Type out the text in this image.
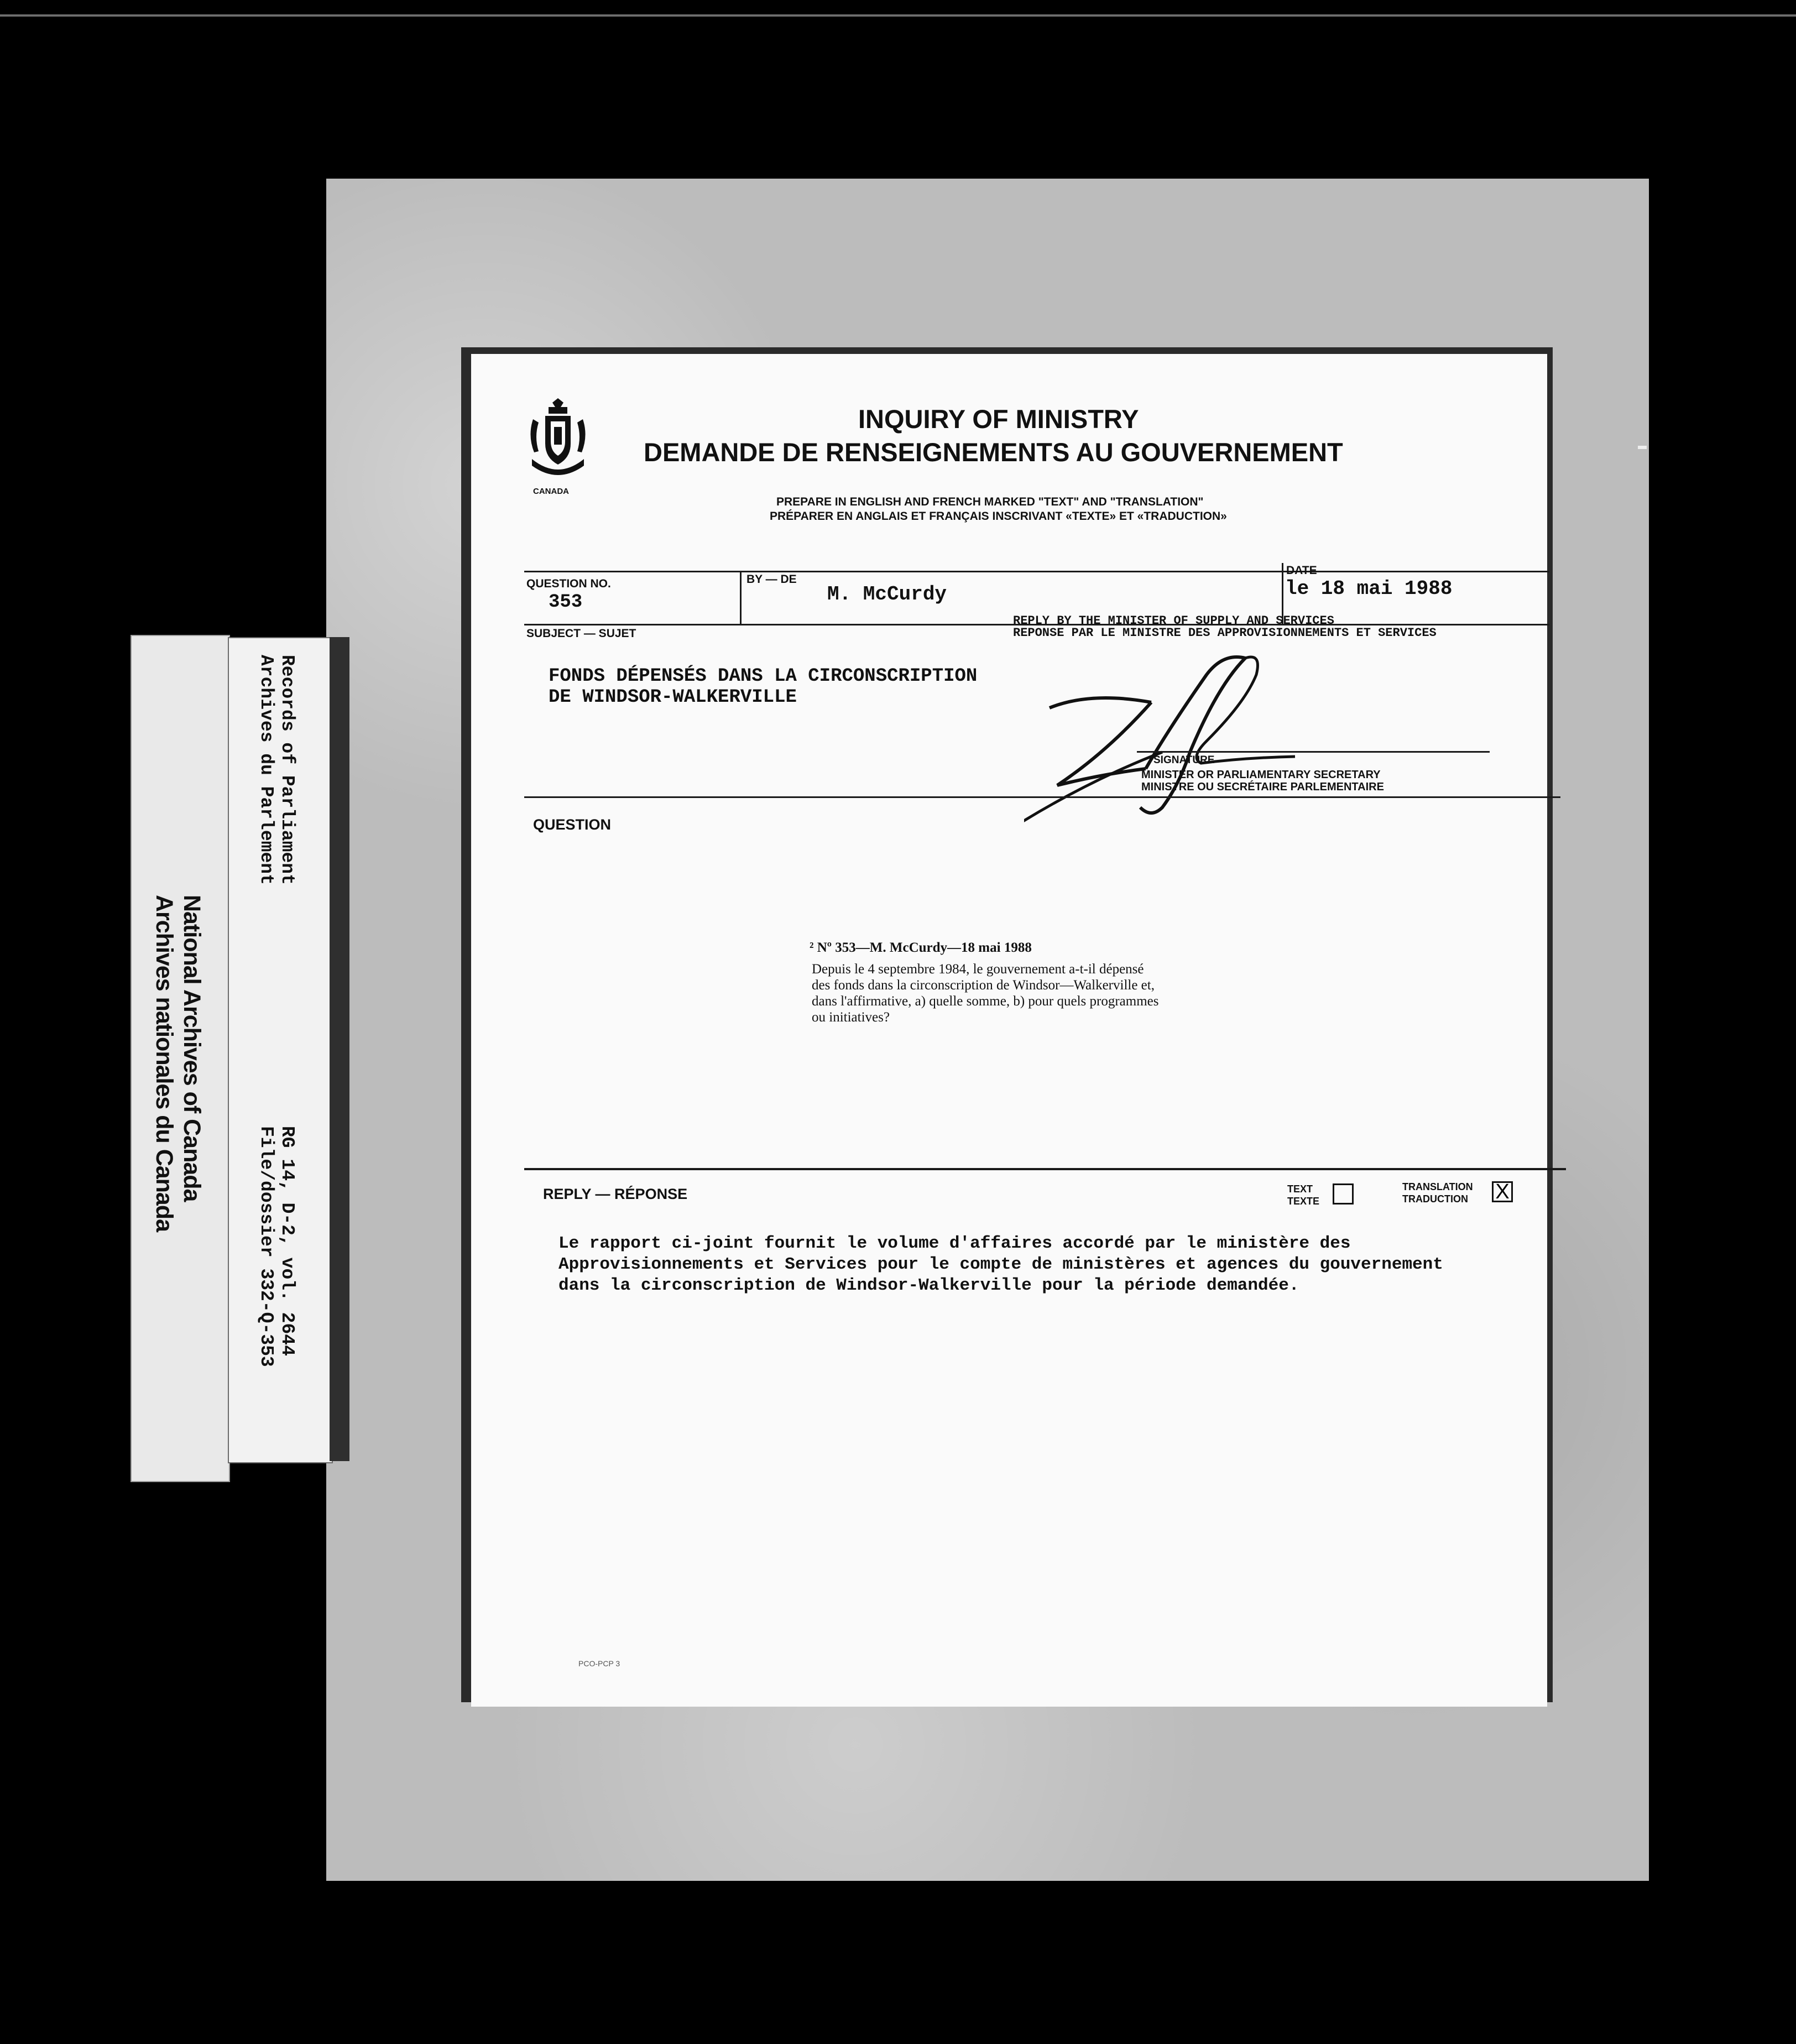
National Archives of Canada
Archives nationales du Canada
Records of Parliament
Archives du Parlement
RG 14, D-2, vol. 2644
File/dossier 332-Q-353
CANADA
INQUIRY OF MINISTRY
DEMANDE DE RENSEIGNEMENTS AU GOUVERNEMENT
PREPARE IN ENGLISH AND FRENCH MARKED "TEXT" AND "TRANSLATION"
PRÉPARER EN ANGLAIS ET FRANÇAIS INSCRIVANT «TEXTE» ET «TRADUCTION»
QUESTION NO.
353
BY — DE
M. McCurdy
DATE
le 18 mai 1988
SUBJECT — SUJET
REPLY BY THE MINISTER OF SUPPLY AND SERVICES
REPONSE PAR LE MINISTRE DES APPROVISIONNEMENTS ET SERVICES
FONDS DÉPENSÉS DANS LA CIRCONSCRIPTION
DE WINDSOR-WALKERVILLE
SIGNATURE
MINISTER OR PARLIAMENTARY SECRETARY
MINISTRE OU SECRÉTAIRE PARLEMENTAIRE
QUESTION
² Nº 353—M. McCurdy—18 mai 1988
Depuis le 4 septembre 1984, le gouvernement a-t-il dépensé
des fonds dans la circonscription de Windsor—Walkerville et,
dans l'affirmative, a) quelle somme, b) pour quels programmes
ou initiatives?
REPLY — RÉPONSE	TEXT
TEXTE
TRANSLATION
TRADUCTION X
Le rapport ci-joint fournit le volume d'affaires accordé par le ministère des
Approvisionnements et Services pour le compte de ministères et agences du gouvernement
dans la circonscription de Windsor-Walkerville pour la période demandée.
PCO-PCP 3
